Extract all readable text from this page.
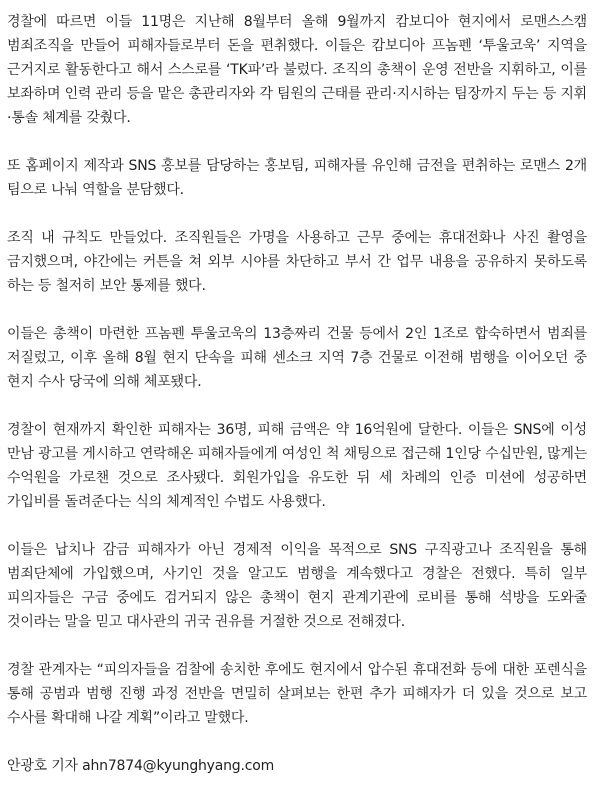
경찰에 따르면 이들 11명은 지난해 8월부터 올해 9월까지 캄보디아 현지에서 로맨스스캠 범죄조직을 만들어 피해자들로부터 돈을 편취했다. 이들은 캄보디아 프놈펜 ‘투울코욱’ 지역을 근거지로 활동한다고 해서 스스로를 ‘TK파’라 불렀다. 조직의 총책이 운영 전반을 지휘하고, 이를 보좌하며 인력 관리 등을 맡은 총관리자와 각 팀원의 근태를 관리·지시하는 팀장까지 두는 등 지휘·통솔 체계를 갖췄다.

또 홈페이지 제작과 SNS 홍보를 담당하는 홍보팀, 피해자를 유인해 금전을 편취하는 로맨스 2개 팀으로 나눠 역할을 분담했다.

조직 내 규칙도 만들었다. 조직원들은 가명을 사용하고 근무 중에는 휴대전화나 사진 촬영을 금지했으며, 야간에는 커튼을 쳐 외부 시야를 차단하고 부서 간 업무 내용을 공유하지 못하도록 하는 등 철저히 보안 통제를 했다.

이들은 총책이 마련한 프놈펜 투울코욱의 13층짜리 건물 등에서 2인 1조로 합숙하면서 범죄를 저질렀고, 이후 올해 8월 현지 단속을 피해 센소크 지역 7층 건물로 이전해 범행을 이어오던 중 현지 수사 당국에 의해 체포됐다.

경찰이 현재까지 확인한 피해자는 36명, 피해 금액은 약 16억원에 달한다. 이들은 SNS에 이성 만남 광고를 게시하고 연락해온 피해자들에게 여성인 척 채팅으로 접근해 1인당 수십만원, 많게는 수억원을 가로챈 것으로 조사됐다. 회원가입을 유도한 뒤 세 차례의 인증 미션에 성공하면 가입비를 돌려준다는 식의 체계적인 수법도 사용했다.

이들은 납치나 감금 피해자가 아닌 경제적 이익을 목적으로 SNS 구직광고나 조직원을 통해 범죄단체에 가입했으며, 사기인 것을 알고도 범행을 계속했다고 경찰은 전했다. 특히 일부 피의자들은 구금 중에도 검거되지 않은 총책이 현지 관계기관에 로비를 통해 석방을 도와줄 것이라는 말을 믿고 대사관의 귀국 권유를 거절한 것으로 전해졌다.

경찰 관계자는 “피의자들을 검찰에 송치한 후에도 현지에서 압수된 휴대전화 등에 대한 포렌식을 통해 공범과 범행 진행 과정 전반을 면밀히 살펴보는 한편 추가 피해자가 더 있을 것으로 보고 수사를 확대해 나갈 계획”이라고 말했다.

안광호 기자 ahn7874@kyunghyang.com
